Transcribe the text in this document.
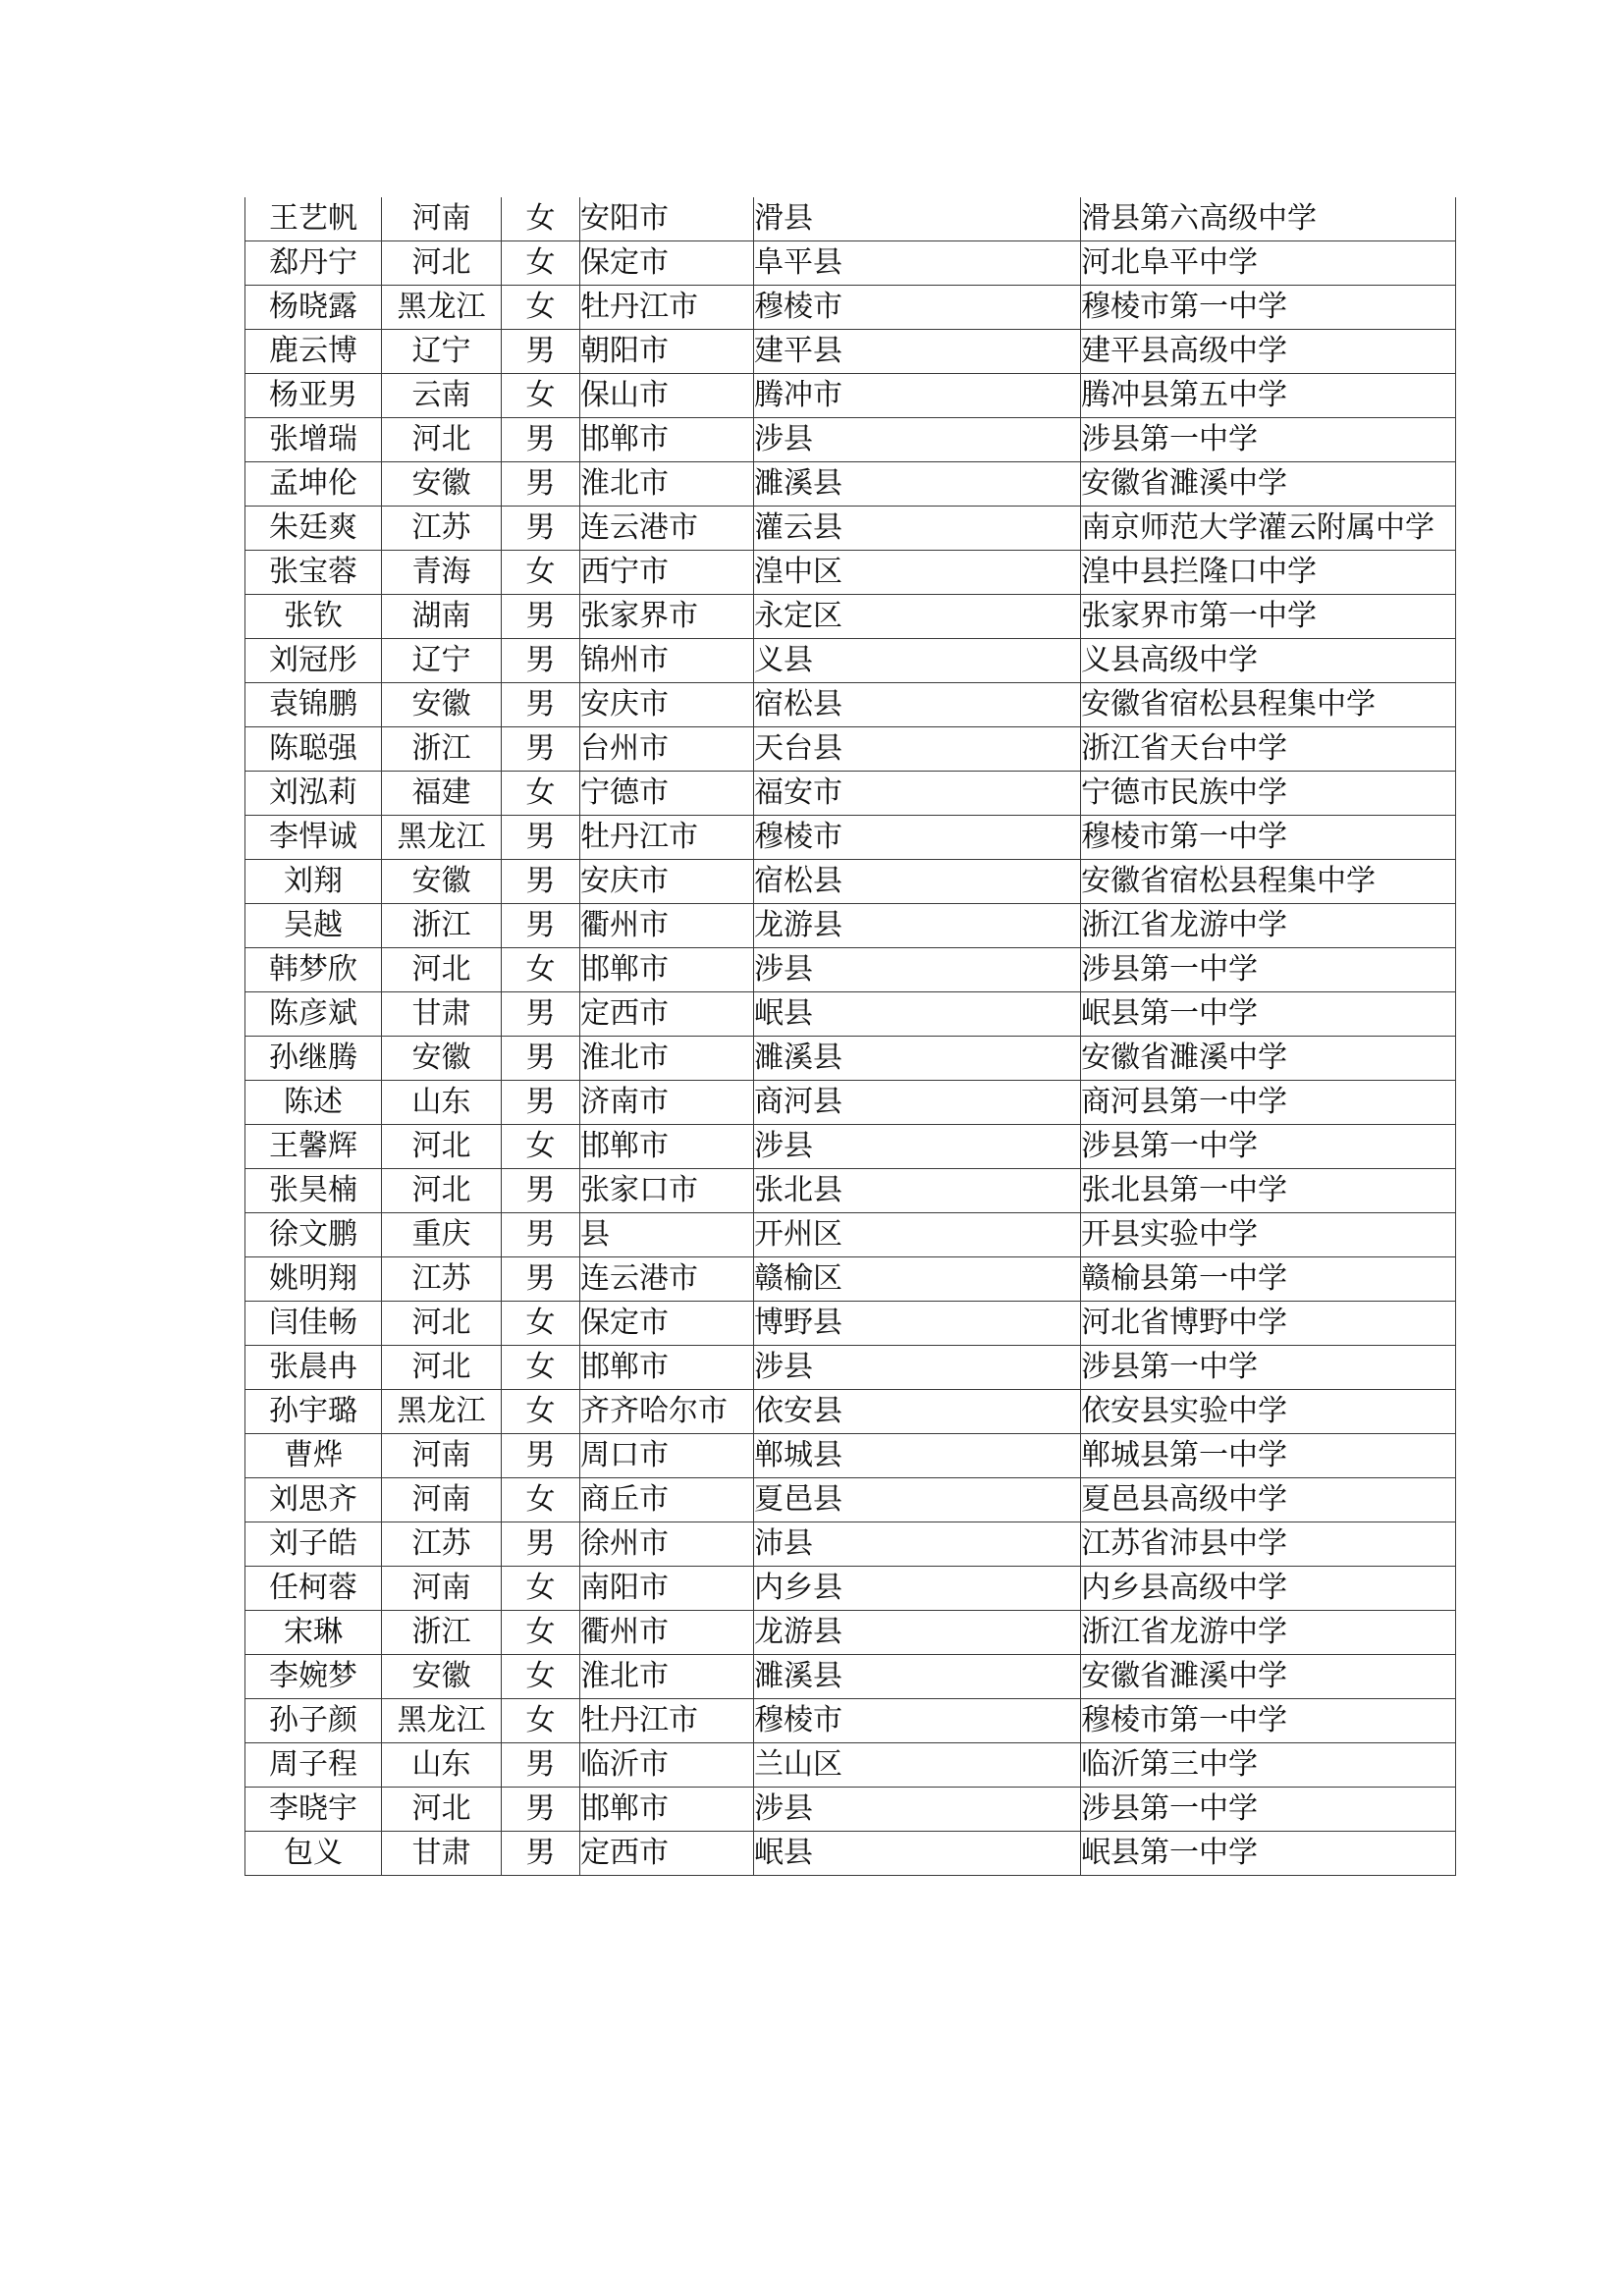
王艺帆	河南	女	安阳市	滑县	滑县第六高级中学
郄丹宁	河北	女	保定市	阜平县	河北阜平中学
杨晓露	黑龙江	女	牡丹江市	穆棱市	穆棱市第一中学
鹿云博	辽宁	男	朝阳市	建平县	建平县高级中学
杨亚男	云南	女	保山市	腾冲市	腾冲县第五中学
张增瑞	河北	男	邯郸市	涉县	涉县第一中学
孟坤伦	安徽	男	淮北市	濉溪县	安徽省濉溪中学
朱廷爽	江苏	男	连云港市	灌云县	南京师范大学灌云附属中学
张宝蓉	青海	女	西宁市	湟中区	湟中县拦隆口中学
张钦	湖南	男	张家界市	永定区	张家界市第一中学
刘冠彤	辽宁	男	锦州市	义县	义县高级中学
袁锦鹏	安徽	男	安庆市	宿松县	安徽省宿松县程集中学
陈聪强	浙江	男	台州市	天台县	浙江省天台中学
刘泓莉	福建	女	宁德市	福安市	宁德市民族中学
李悍诚	黑龙江	男	牡丹江市	穆棱市	穆棱市第一中学
刘翔	安徽	男	安庆市	宿松县	安徽省宿松县程集中学
吴越	浙江	男	衢州市	龙游县	浙江省龙游中学
韩梦欣	河北	女	邯郸市	涉县	涉县第一中学
陈彦斌	甘肃	男	定西市	岷县	岷县第一中学
孙继腾	安徽	男	淮北市	濉溪县	安徽省濉溪中学
陈述	山东	男	济南市	商河县	商河县第一中学
王馨辉	河北	女	邯郸市	涉县	涉县第一中学
张昊楠	河北	男	张家口市	张北县	张北县第一中学
徐文鹏	重庆	男	县	开州区	开县实验中学
姚明翔	江苏	男	连云港市	赣榆区	赣榆县第一中学
闫佳畅	河北	女	保定市	博野县	河北省博野中学
张晨冉	河北	女	邯郸市	涉县	涉县第一中学
孙宇璐	黑龙江	女	齐齐哈尔市	依安县	依安县实验中学
曹烨	河南	男	周口市	郸城县	郸城县第一中学
刘思齐	河南	女	商丘市	夏邑县	夏邑县高级中学
刘子皓	江苏	男	徐州市	沛县	江苏省沛县中学
任柯蓉	河南	女	南阳市	内乡县	内乡县高级中学
宋琳	浙江	女	衢州市	龙游县	浙江省龙游中学
李婉梦	安徽	女	淮北市	濉溪县	安徽省濉溪中学
孙子颜	黑龙江	女	牡丹江市	穆棱市	穆棱市第一中学
周子程	山东	男	临沂市	兰山区	临沂第三中学
李晓宇	河北	男	邯郸市	涉县	涉县第一中学
包义	甘肃	男	定西市	岷县	岷县第一中学
